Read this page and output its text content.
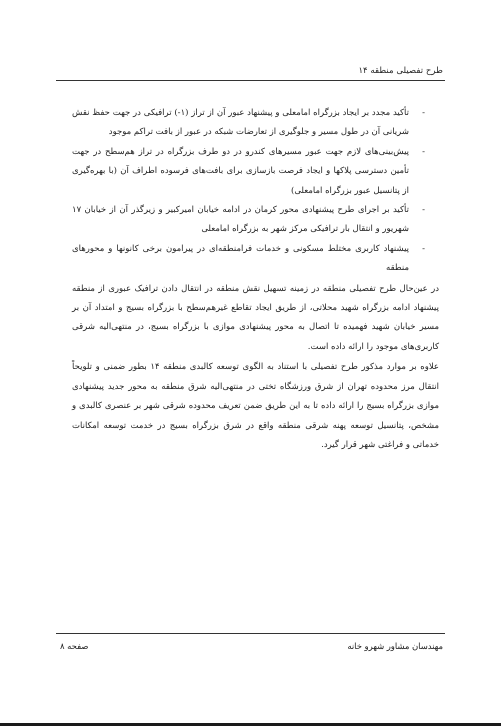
طرح تفصیلی منطقه ۱۴
-
تأکید مجدد بر ایجاد بزرگراه امامعلی و پیشنهاد عبور آن از تراز (۱-) ترافیکی در جهت حفظ نقش شریانی آن در طول مسیر و جلوگیری از تعارضات شبکه در عبور از بافت تراکم موجود
-
پیش‌بینی‌های لازم جهت عبور مسیرهای کندرو در دو طرف بزرگراه در تراز هم‌سطح در جهت تأمین دسترسی پلاکها و ایجاد فرصت بازسازی برای بافت‌های فرسوده اطراف آن (با بهره‌گیری از پتانسیل عبور بزرگراه امامعلی)
-
تأکید بر اجرای طرح پیشنهادی محور کرمان در ادامه خیابان امیرکبیر و زیرگذر آن از خیابان ۱۷ شهریور و انتقال بار ترافیکی مرکز شهر به بزرگراه امامعلی
-
پیشنهاد کاربری مختلط مسکونی و خدمات فرامنطقه‌ای در پیرامون برخی کانونها و محورهای منطقه

در عین‌حال طرح تفصیلی منطقه در زمینه تسهیل نقش منطقه در انتقال دادن ترافیک عبوری از منطقه پیشنهاد ادامه بزرگراه شهید محلاتی، از طریق ایجاد تقاطع غیرهم‌سطح با بزرگراه بسیج و امتداد آن بر مسیر خیابان شهید فهمیده تا اتصال به محور پیشنهادی موازی با بزرگراه بسیج، در منتهی‌الیه شرقی کاربری‌های موجود را ارائه داده است.

علاوه بر موارد مذکور طرح تفصیلی با استناد به الگوی توسعه کالبدی منطقه ۱۴ بطور ضمنی و تلویحاً انتقال مرز محدوده تهران از شرق ورزشگاه تختی در منتهی‌الیه شرق منطقه به محور جدید پیشنهادی موازی بزرگراه بسیج را ارائه داده تا به این طریق ضمن تعریف محدوده شرقی شهر بر عنصری کالبدی و مشخص، پتانسیل توسعه پهنه شرقی منطقه واقع در شرق بزرگراه بسیج در خدمت توسعه امکانات خدماتی و فراغتی شهر قرار گیرد.

مهندسان مشاور شهرو خانه
صفحه ۸
